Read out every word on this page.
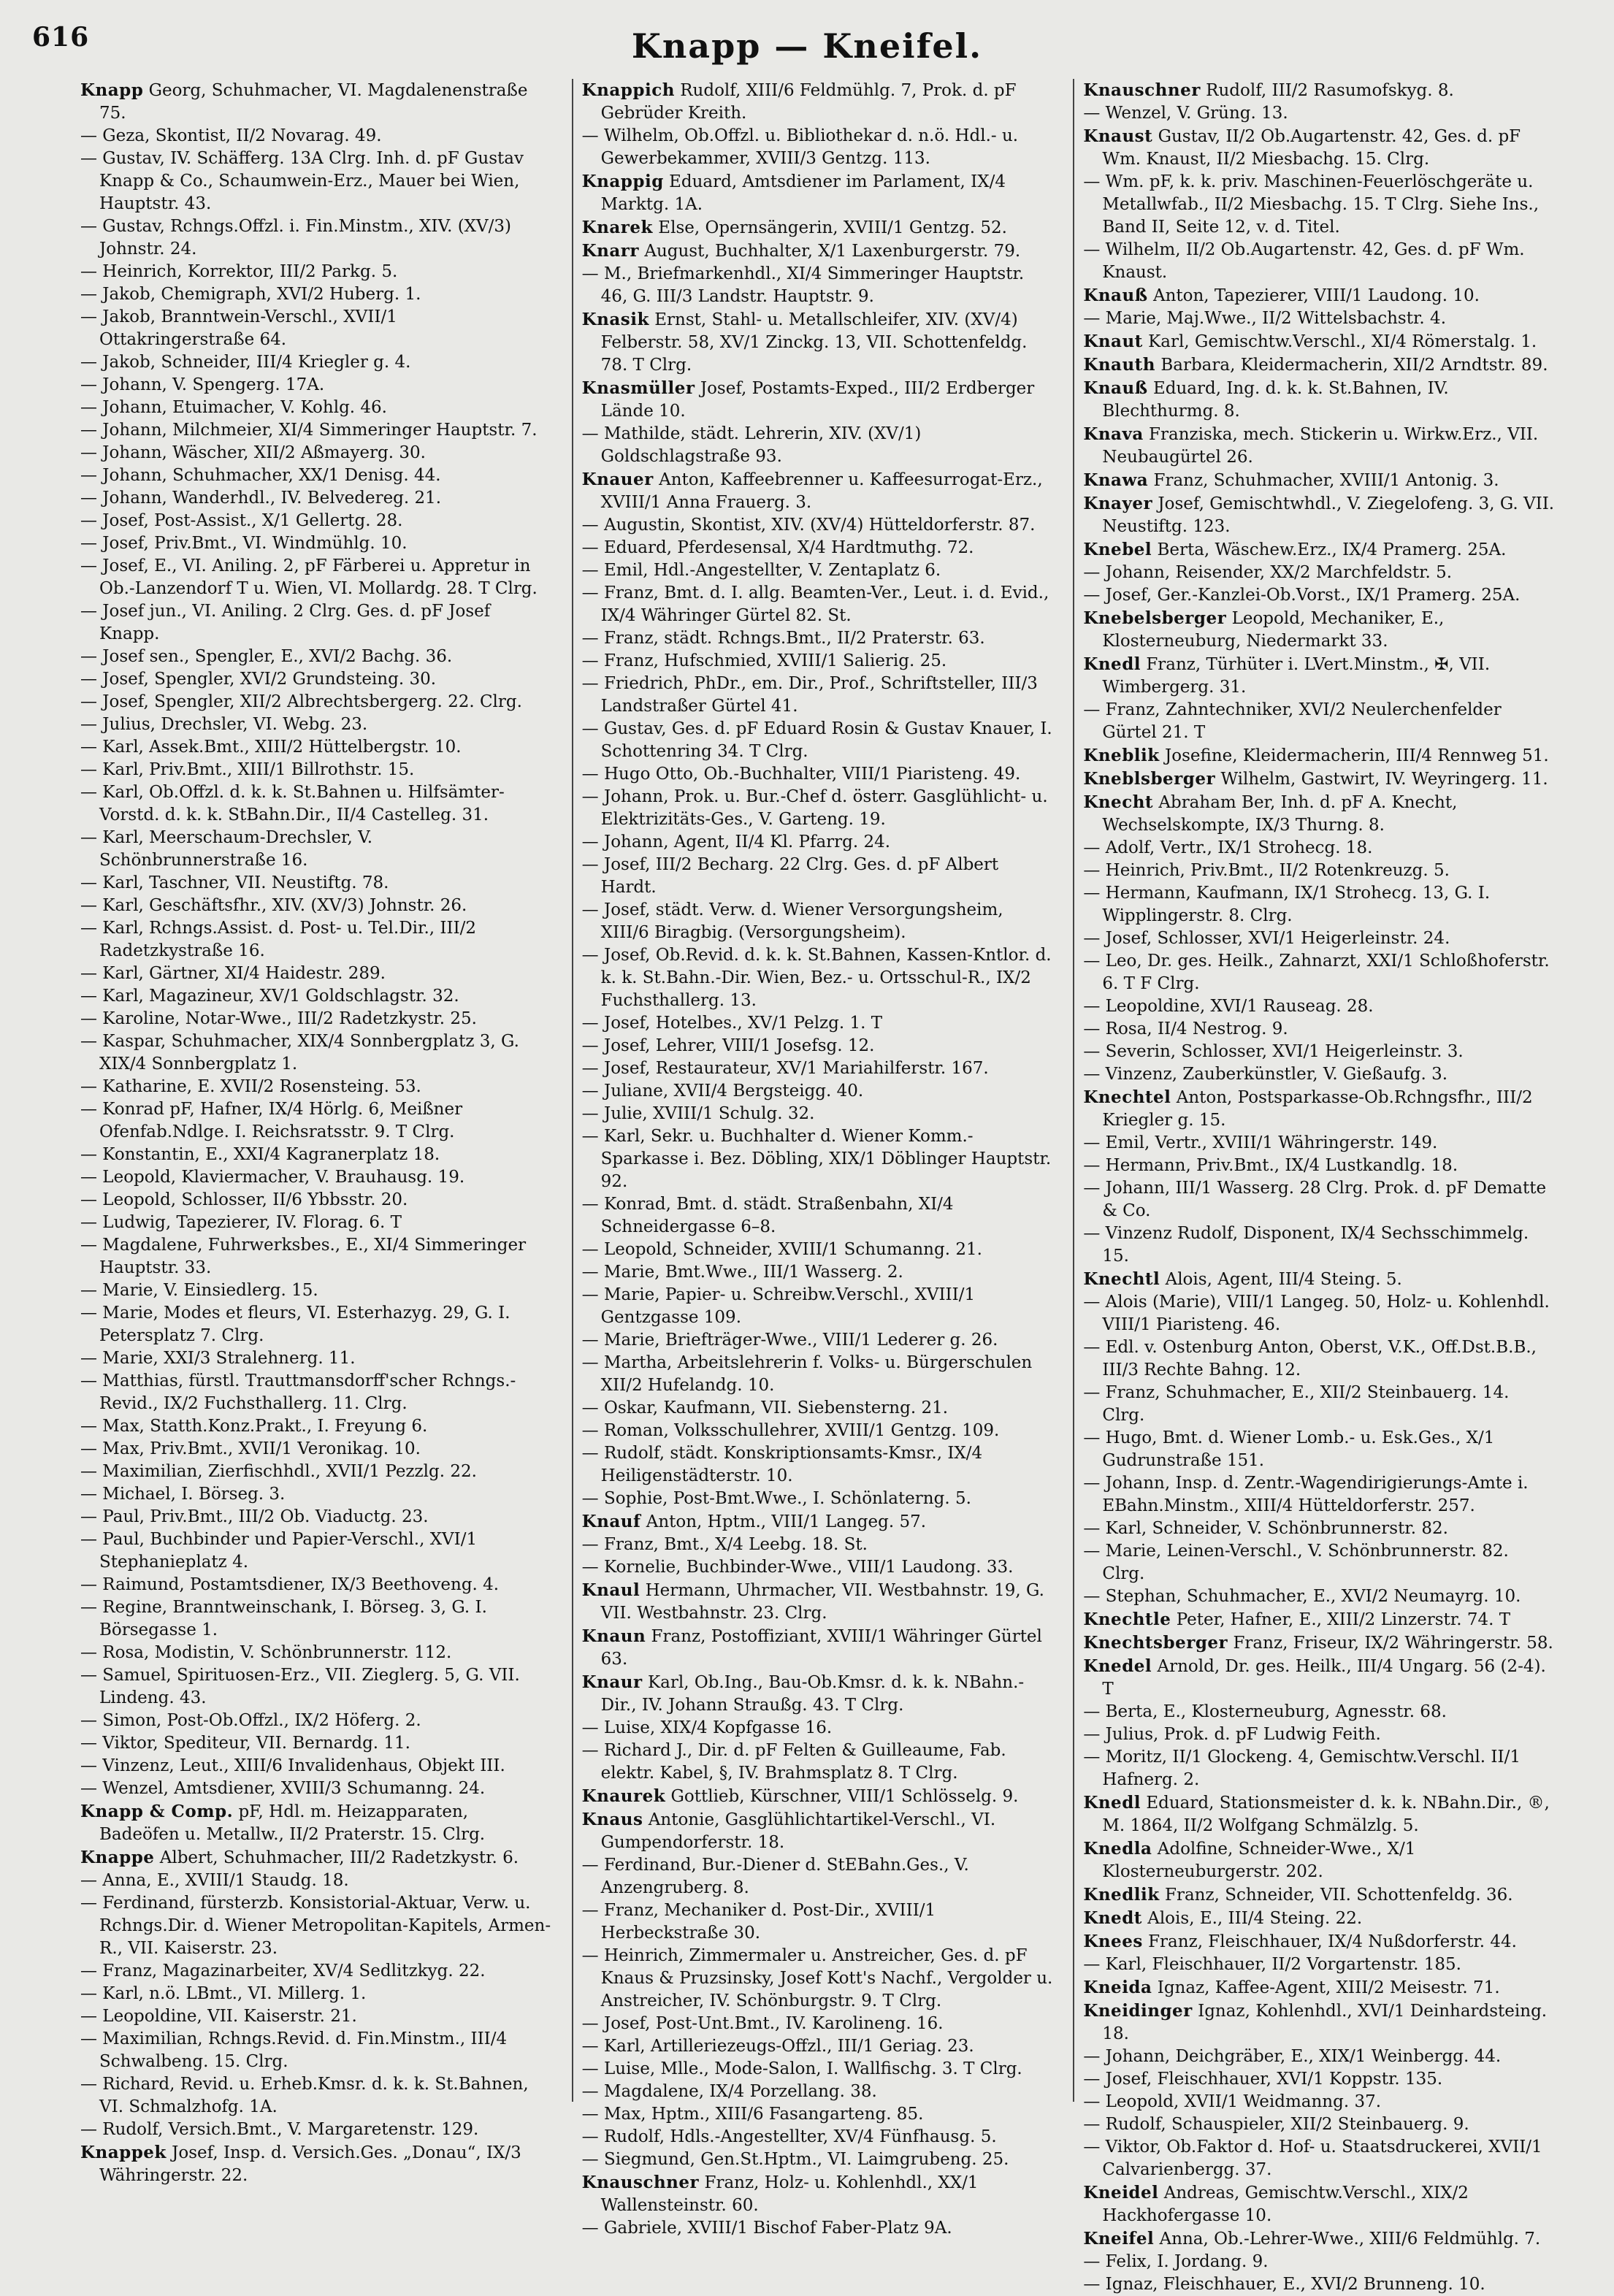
616	Knapp — Kneifel.

Knapp Georg, Schuhmacher, VI. Magdalenenstraße 75.

— Geza, Skontist, II/2 Novarag. 49.

— Gustav, IV. Schäfferg. 13A Clrg. Inh. d. pF Gustav Knapp & Co., Schaumwein-Erz., Mauer bei Wien, Hauptstr. 43.

— Gustav, Rchngs.Offzl. i. Fin.Minstm., XIV. (XV/3) Johnstr. 24.

— Heinrich, Korrektor, III/2 Parkg. 5.

— Jakob, Chemigraph, XVI/2 Huberg. 1.

— Jakob, Branntwein-Verschl., XVII/1 Ottakringerstraße 64.

— Jakob, Schneider, III/4 Kriegler g. 4.

— Johann, V. Spengerg. 17A.

— Johann, Etuimacher, V. Kohlg. 46.

— Johann, Milchmeier, XI/4 Simmeringer Hauptstr. 7.

— Johann, Wäscher, XII/2 Aßmayerg. 30.

— Johann, Schuhmacher, XX/1 Denisg. 44.

— Johann, Wanderhdl., IV. Belvedereg. 21.

— Josef, Post-Assist., X/1 Gellertg. 28.

— Josef, Priv.Bmt., VI. Windmühlg. 10.

— Josef, E., VI. Aniling. 2, pF Färberei u. Appretur in Ob.-Lanzendorf T u. Wien, VI. Mollardg. 28. T Clrg.

— Josef jun., VI. Aniling. 2 Clrg. Ges. d. pF Josef Knapp.

— Josef sen., Spengler, E., XVI/2 Bachg. 36.

— Josef, Spengler, XVI/2 Grundsteing. 30.

— Josef, Spengler, XII/2 Albrechtsbergerg. 22. Clrg.

— Julius, Drechsler, VI. Webg. 23.

— Karl, Assek.Bmt., XIII/2 Hüttelbergstr. 10.

— Karl, Priv.Bmt., XIII/1 Billrothstr. 15.

— Karl, Ob.Offzl. d. k. k. St.Bahnen u. Hilfsämter-Vorstd. d. k. k. StBahn.Dir., II/4 Castelleg. 31.

— Karl, Meerschaum-Drechsler, V. Schönbrunnerstraße 16.

— Karl, Taschner, VII. Neustiftg. 78.

— Karl, Geschäftsfhr., XIV. (XV/3) Johnstr. 26.

— Karl, Rchngs.Assist. d. Post- u. Tel.Dir., III/2 Radetzkystraße 16.

— Karl, Gärtner, XI/4 Haidestr. 289.

— Karl, Magazineur, XV/1 Goldschlagstr. 32.

— Karoline, Notar-Wwe., III/2 Radetzkystr. 25.

— Kaspar, Schuhmacher, XIX/4 Sonnbergplatz 3, G. XIX/4 Sonnbergplatz 1.

— Katharine, E. XVII/2 Rosensteing. 53.

— Konrad pF, Hafner, IX/4 Hörlg. 6, Meißner Ofenfab.Ndlge. I. Reichsratsstr. 9. T Clrg.

— Konstantin, E., XXI/4 Kagranerplatz 18.

— Leopold, Klaviermacher, V. Brauhausg. 19.

— Leopold, Schlosser, II/6 Ybbsstr. 20.

— Ludwig, Tapezierer, IV. Florag. 6. T

— Magdalene, Fuhrwerksbes., E., XI/4 Simmeringer Hauptstr. 33.

— Marie, V. Einsiedlerg. 15.

— Marie, Modes et fleurs, VI. Esterhazyg. 29, G. I. Petersplatz 7. Clrg.

— Marie, XXI/3 Stralehnerg. 11.

— Matthias, fürstl. Trauttmansdorff'scher Rchngs.-Revid., IX/2 Fuchsthallerg. 11. Clrg.

— Max, Statth.Konz.Prakt., I. Freyung 6.

— Max, Priv.Bmt., XVII/1 Veronikag. 10.

— Maximilian, Zierfischhdl., XVII/1 Pezzlg. 22.

— Michael, I. Börseg. 3.

— Paul, Priv.Bmt., III/2 Ob. Viaductg. 23.

— Paul, Buchbinder und Papier-Verschl., XVI/1 Stephanieplatz 4.

— Raimund, Postamtsdiener, IX/3 Beethoveng. 4.

— Regine, Branntweinschank, I. Börseg. 3, G. I. Börsegasse 1.

— Rosa, Modistin, V. Schönbrunnerstr. 112.

— Samuel, Spirituosen-Erz., VII. Zieglerg. 5, G. VII. Lindeng. 43.

— Simon, Post-Ob.Offzl., IX/2 Höferg. 2.

— Viktor, Spediteur, VII. Bernardg. 11.

— Vinzenz, Leut., XIII/6 Invalidenhaus, Objekt III.

— Wenzel, Amtsdiener, XVIII/3 Schumanng. 24.

Knapp & Comp. pF, Hdl. m. Heizapparaten, Badeöfen u. Metallw., II/2 Praterstr. 15. Clrg.

Knappe Albert, Schuhmacher, III/2 Radetzkystr. 6.

— Anna, E., XVIII/1 Staudg. 18.

— Ferdinand, fürsterzb. Konsistorial-Aktuar, Verw. u. Rchngs.Dir. d. Wiener Metropolitan-Kapitels, Armen-R., VII. Kaiserstr. 23.

— Franz, Magazinarbeiter, XV/4 Sedlitzkyg. 22.

— Karl, n.ö. LBmt., VI. Millerg. 1.

— Leopoldine, VII. Kaiserstr. 21.

— Maximilian, Rchngs.Revid. d. Fin.Minstm., III/4 Schwalbeng. 15. Clrg.

— Richard, Revid. u. Erheb.Kmsr. d. k. k. St.Bahnen, VI. Schmalzhofg. 1A.

— Rudolf, Versich.Bmt., V. Margaretenstr. 129.

Knappek Josef, Insp. d. Versich.Ges. „Donau“, IX/3 Währingerstr. 22.

Knappich Rudolf, XIII/6 Feldmühlg. 7, Prok. d. pF Gebrüder Kreith.

— Wilhelm, Ob.Offzl. u. Bibliothekar d. n.ö. Hdl.- u. Gewerbekammer, XVIII/3 Gentzg. 113.

Knappig Eduard, Amtsdiener im Parlament, IX/4 Marktg. 1A.

Knarek Else, Opernsängerin, XVIII/1 Gentzg. 52.

Knarr August, Buchhalter, X/1 Laxenburgerstr. 79.

— M., Briefmarkenhdl., XI/4 Simmeringer Hauptstr. 46, G. III/3 Landstr. Hauptstr. 9.

Knasik Ernst, Stahl- u. Metallschleifer, XIV. (XV/4) Felberstr. 58, XV/1 Zinckg. 13, VII. Schottenfeldg. 78. T Clrg.

Knasmüller Josef, Postamts-Exped., III/2 Erdberger Lände 10.

— Mathilde, städt. Lehrerin, XIV. (XV/1) Goldschlagstraße 93.

Knauer Anton, Kaffeebrenner u. Kaffeesurrogat-Erz., XVIII/1 Anna Frauerg. 3.

— Augustin, Skontist, XIV. (XV/4) Hütteldorferstr. 87.

— Eduard, Pferdesensal, X/4 Hardtmuthg. 72.

— Emil, Hdl.-Angestellter, V. Zentaplatz 6.

— Franz, Bmt. d. I. allg. Beamten-Ver., Leut. i. d. Evid., IX/4 Währinger Gürtel 82. St.

— Franz, städt. Rchngs.Bmt., II/2 Praterstr. 63.

— Franz, Hufschmied, XVIII/1 Salierig. 25.

— Friedrich, PhDr., em. Dir., Prof., Schriftsteller, III/3 Landstraßer Gürtel 41.

— Gustav, Ges. d. pF Eduard Rosin & Gustav Knauer, I. Schottenring 34. T Clrg.

— Hugo Otto, Ob.-Buchhalter, VIII/1 Piaristeng. 49.

— Johann, Prok. u. Bur.-Chef d. österr. Gasglühlicht- u. Elektrizitäts-Ges., V. Garteng. 19.

— Johann, Agent, II/4 Kl. Pfarrg. 24.

— Josef, III/2 Becharg. 22 Clrg. Ges. d. pF Albert Hardt.

— Josef, städt. Verw. d. Wiener Versorgungsheim, XIII/6 Biragbig. (Versorgungsheim).

— Josef, Ob.Revid. d. k. k. St.Bahnen, Kassen-Kntlor. d. k. k. St.Bahn.-Dir. Wien, Bez.- u. Ortsschul-R., IX/2 Fuchsthallerg. 13.

— Josef, Hotelbes., XV/1 Pelzg. 1. T

— Josef, Lehrer, VIII/1 Josefsg. 12.

— Josef, Restaurateur, XV/1 Mariahilferstr. 167.

— Juliane, XVII/4 Bergsteigg. 40.

— Julie, XVIII/1 Schulg. 32.

— Karl, Sekr. u. Buchhalter d. Wiener Komm.-Sparkasse i. Bez. Döbling, XIX/1 Döblinger Hauptstr. 92.

— Konrad, Bmt. d. städt. Straßenbahn, XI/4 Schneidergasse 6–8.

— Leopold, Schneider, XVIII/1 Schumanng. 21.

— Marie, Bmt.Wwe., III/1 Wasserg. 2.

— Marie, Papier- u. Schreibw.Verschl., XVIII/1 Gentzgasse 109.

— Marie, Briefträger-Wwe., VIII/1 Lederer g. 26.

— Martha, Arbeitslehrerin f. Volks- u. Bürgerschulen XII/2 Hufelandg. 10.

— Oskar, Kaufmann, VII. Siebensterng. 21.

— Roman, Volksschullehrer, XVIII/1 Gentzg. 109.

— Rudolf, städt. Konskriptionsamts-Kmsr., IX/4 Heiligenstädterstr. 10.

— Sophie, Post-Bmt.Wwe., I. Schönlaterng. 5.

Knauf Anton, Hptm., VIII/1 Langeg. 57.

— Franz, Bmt., X/4 Leebg. 18. St.

— Kornelie, Buchbinder-Wwe., VIII/1 Laudong. 33.

Knaul Hermann, Uhrmacher, VII. Westbahnstr. 19, G. VII. Westbahnstr. 23. Clrg.

Knaun Franz, Postoffiziant, XVIII/1 Währinger Gürtel 63.

Knaur Karl, Ob.Ing., Bau-Ob.Kmsr. d. k. k. NBahn.-Dir., IV. Johann Straußg. 43. T Clrg.

— Luise, XIX/4 Kopfgasse 16.

— Richard J., Dir. d. pF Felten & Guilleaume, Fab. elektr. Kabel, §, IV. Brahmsplatz 8. T Clrg.

Knaurek Gottlieb, Kürschner, VIII/1 Schlösselg. 9.

Knaus Antonie, Gasglühlichtartikel-Verschl., VI. Gumpendorferstr. 18.

— Ferdinand, Bur.-Diener d. StEBahn.Ges., V. Anzengruberg. 8.

— Franz, Mechaniker d. Post-Dir., XVIII/1 Herbeckstraße 30.

— Heinrich, Zimmermaler u. Anstreicher, Ges. d. pF Knaus & Pruzsinsky, Josef Kott's Nachf., Vergolder u. Anstreicher, IV. Schönburgstr. 9. T Clrg.

— Josef, Post-Unt.Bmt., IV. Karolineng. 16.

— Karl, Artilleriezeugs-Offzl., III/1 Geriag. 23.

— Luise, Mlle., Mode-Salon, I. Wallfischg. 3. T Clrg.

— Magdalene, IX/4 Porzellang. 38.

— Max, Hptm., XIII/6 Fasangarteng. 85.

— Rudolf, Hdls.-Angestellter, XV/4 Fünfhausg. 5.

— Siegmund, Gen.St.Hptm., VI. Laimgrubeng. 25.

Knauschner Franz, Holz- u. Kohlenhdl., XX/1 Wallensteinstr. 60.

— Gabriele, XVIII/1 Bischof Faber-Platz 9A.

Knauschner Rudolf, III/2 Rasumofskyg. 8.

— Wenzel, V. Grüng. 13.

Knaust Gustav, II/2 Ob.Augartenstr. 42, Ges. d. pF Wm. Knaust, II/2 Miesbachg. 15. Clrg.

— Wm. pF, k. k. priv. Maschinen-Feuerlöschgeräte u. Metallwfab., II/2 Miesbachg. 15. T Clrg. Siehe Ins., Band II, Seite 12, v. d. Titel.

— Wilhelm, II/2 Ob.Augartenstr. 42, Ges. d. pF Wm. Knaust.

Knauß Anton, Tapezierer, VIII/1 Laudong. 10.

— Marie, Maj.Wwe., II/2 Wittelsbachstr. 4.

Knaut Karl, Gemischtw.Verschl., XI/4 Römerstalg. 1.

Knauth Barbara, Kleidermacherin, XII/2 Arndtstr. 89.

Knauß Eduard, Ing. d. k. k. St.Bahnen, IV. Blechthurmg. 8.

Knava Franziska, mech. Stickerin u. Wirkw.Erz., VII. Neubaugürtel 26.

Knawa Franz, Schuhmacher, XVIII/1 Antonig. 3.

Knayer Josef, Gemischtwhdl., V. Ziegelofeng. 3, G. VII. Neustiftg. 123.

Knebel Berta, Wäschew.Erz., IX/4 Pramerg. 25A.

— Johann, Reisender, XX/2 Marchfeldstr. 5.

— Josef, Ger.-Kanzlei-Ob.Vorst., IX/1 Pramerg. 25A.

Knebelsberger Leopold, Mechaniker, E., Klosterneuburg, Niedermarkt 33.

Knedl Franz, Türhüter i. LVert.Minstm., ✠, VII. Wimbergerg. 31.

— Franz, Zahntechniker, XVI/2 Neulerchenfelder Gürtel 21. T

Kneblik Josefine, Kleidermacherin, III/4 Rennweg 51.

Kneblsberger Wilhelm, Gastwirt, IV. Weyringerg. 11.

Knecht Abraham Ber, Inh. d. pF A. Knecht, Wechselskompte, IX/3 Thurng. 8.

— Adolf, Vertr., IX/1 Strohecg. 18.

— Heinrich, Priv.Bmt., II/2 Rotenkreuzg. 5.

— Hermann, Kaufmann, IX/1 Strohecg. 13, G. I. Wipplingerstr. 8. Clrg.

— Josef, Schlosser, XVI/1 Heigerleinstr. 24.

— Leo, Dr. ges. Heilk., Zahnarzt, XXI/1 Schloßhoferstr. 6. T F Clrg.

— Leopoldine, XVI/1 Rauseag. 28.

— Rosa, II/4 Nestrog. 9.

— Severin, Schlosser, XVI/1 Heigerleinstr. 3.

— Vinzenz, Zauberkünstler, V. Gießaufg. 3.

Knechtel Anton, Postsparkasse-Ob.Rchngsfhr., III/2 Kriegler g. 15.

— Emil, Vertr., XVIII/1 Währingerstr. 149.

— Hermann, Priv.Bmt., IX/4 Lustkandlg. 18.

— Johann, III/1 Wasserg. 28 Clrg. Prok. d. pF Dematte & Co.

— Vinzenz Rudolf, Disponent, IX/4 Sechsschimmelg. 15.

Knechtl Alois, Agent, III/4 Steing. 5.

— Alois (Marie), VIII/1 Langeg. 50, Holz- u. Kohlenhdl. VIII/1 Piaristeng. 46.

— Edl. v. Ostenburg Anton, Oberst, V.K., Off.Dst.B.B., III/3 Rechte Bahng. 12.

— Franz, Schuhmacher, E., XII/2 Steinbauerg. 14. Clrg.

— Hugo, Bmt. d. Wiener Lomb.- u. Esk.Ges., X/1 Gudrunstraße 151.

— Johann, Insp. d. Zentr.-Wagendirigierungs-Amte i. EBahn.Minstm., XIII/4 Hütteldorferstr. 257.

— Karl, Schneider, V. Schönbrunnerstr. 82.

— Marie, Leinen-Verschl., V. Schönbrunnerstr. 82. Clrg.

— Stephan, Schuhmacher, E., XVI/2 Neumayrg. 10.

Knechtle Peter, Hafner, E., XIII/2 Linzerstr. 74. T

Knechtsberger Franz, Friseur, IX/2 Währingerstr. 58.

Knedel Arnold, Dr. ges. Heilk., III/4 Ungarg. 56 (2-4). T

— Berta, E., Klosterneuburg, Agnesstr. 68.

— Julius, Prok. d. pF Ludwig Feith.

— Moritz, II/1 Glockeng. 4, Gemischtw.Verschl. II/1 Hafnerg. 2.

Knedl Eduard, Stationsmeister d. k. k. NBahn.Dir., ®, M. 1864, II/2 Wolfgang Schmälzlg. 5.

Knedla Adolfine, Schneider-Wwe., X/1 Klosterneuburgerstr. 202.

Knedlik Franz, Schneider, VII. Schottenfeldg. 36.

Knedt Alois, E., III/4 Steing. 22.

Knees Franz, Fleischhauer, IX/4 Nußdorferstr. 44.

— Karl, Fleischhauer, II/2 Vorgartenstr. 185.

Kneida Ignaz, Kaffee-Agent, XIII/2 Meisestr. 71.

Kneidinger Ignaz, Kohlenhdl., XVI/1 Deinhardsteing. 18.

— Johann, Deichgräber, E., XIX/1 Weinbergg. 44.

— Josef, Fleischhauer, XVI/1 Koppstr. 135.

— Leopold, XVII/1 Weidmanng. 37.

— Rudolf, Schauspieler, XII/2 Steinbauerg. 9.

— Viktor, Ob.Faktor d. Hof- u. Staatsdruckerei, XVII/1 Calvarienbergg. 37.

Kneidel Andreas, Gemischtw.Verschl., XIX/2 Hackhofergasse 10.

Kneifel Anna, Ob.-Lehrer-Wwe., XIII/6 Feldmühlg. 7.

— Felix, I. Jordang. 9.

— Ignaz, Fleischhauer, E., XVI/2 Brunneng. 10.
